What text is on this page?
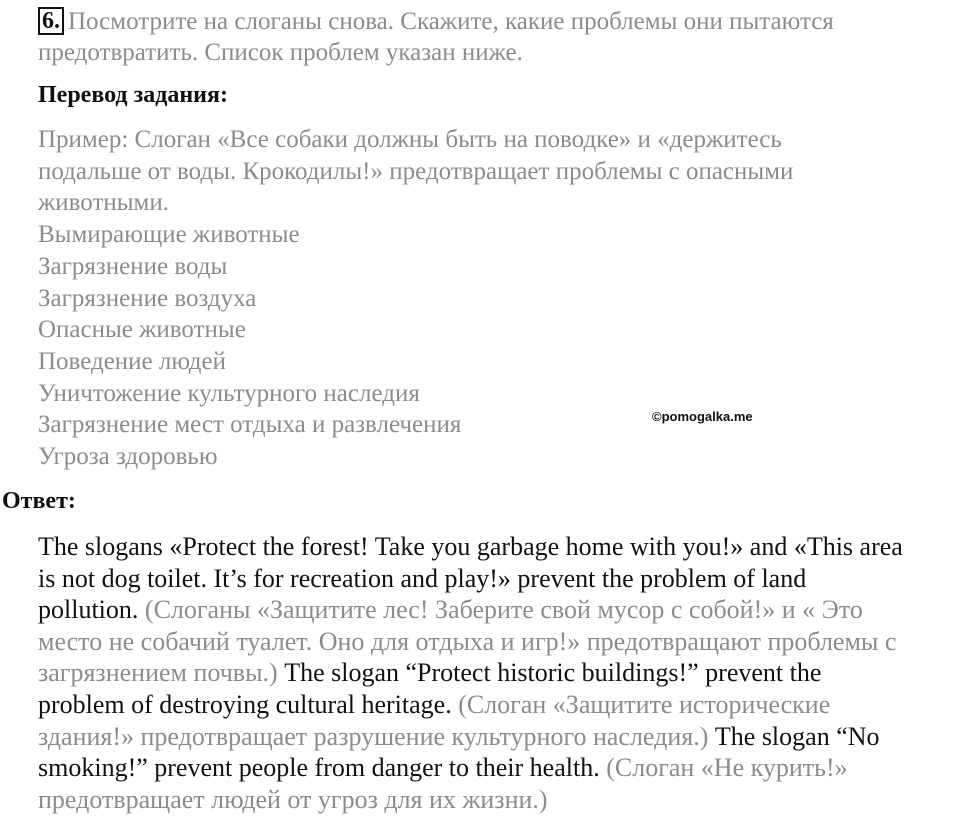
6. Посмотрите на слоганы снова. Скажите, какие проблемы они пытаются
предотвратить. Список проблем указан ниже.
Перевод задания:

Пример: Слоган «Все собаки должны быть на поводке» и «держитесь

подальше от воды. Крокодилы!» предотвращает проблемы с опасными

животными.

Вымирающие животные
Загрязнение воды
Загрязнение воздуха
Опасные животные
Поведение людей
Уничтожение культурного наследия
Загрязнение мест отдыха и развлечения
Угроза здоровью
©pomogalka.me
Ответ:
The slogans «Protect the forest! Take you garbage home with you!» and «This area
is not dog toilet. It’s for recreation and play!» prevent the problem of land
pollution. (Слоганы «Защитите лес! Заберите свой мусор с собой!» и « Это
место не собачий туалет. Оно для отдыха и игр!» предотвращают проблемы с
загрязнением почвы.) The slogan “Protect historic buildings!” prevent the
problem of destroying cultural heritage. (Слоган «Защитите исторические
здания!» предотвращает разрушение культурного наследия.) The slogan “No
smoking!” prevent people from danger to their health. (Слоган «Не курить!»
предотвращает людей от угроз для их жизни.)
